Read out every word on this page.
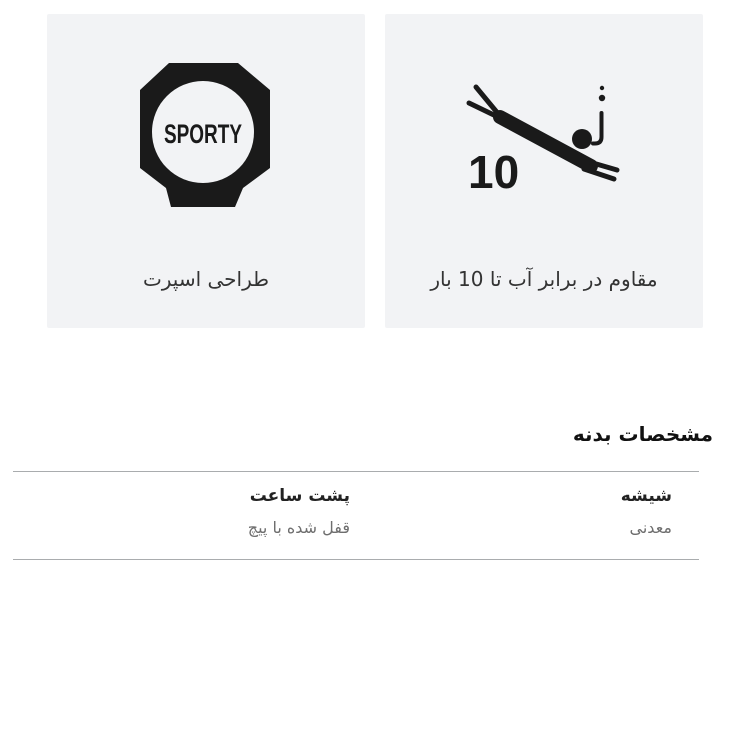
SPORTY
طراحی اسپرت
10
مقاوم در برابر آب تا 10 بار
مشخصات بدنه
شیشه
معدنی
پشت ساعت
قفل شده با پیچ
